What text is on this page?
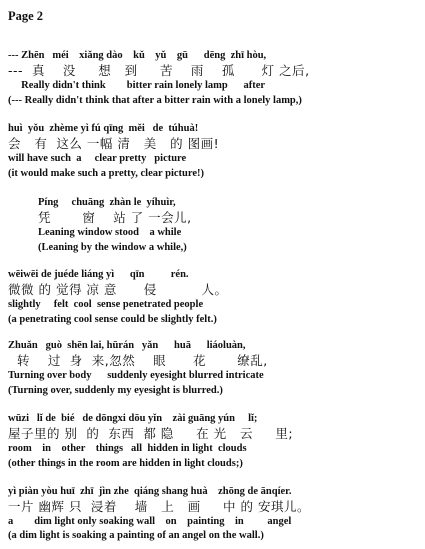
Page 2
--- Zhēn   méi    xiǎng dào    kǔ    yǔ    gū      dēng  zhī hòu,
---  真    没     想   到     苦    雨    孤      灯 之后,
Really didn't think        bitter rain lonely lamp      after
(--- Really didn't think that after a bitter rain with a lonely lamp,)
huì  yǒu  zhème yì fú qīng  měi   de  túhuà!
会   有  这么 一幅 清   美   的 图画!
will have such  a     clear pretty   picture
(it would make such a pretty, clear picture!)
Píng     chuāng  zhàn le  yíhuìr,
凭       窗    站 了 一会儿,
Leaning window stood    a while
(Leaning by the window a while,)
wēiwēi de juéde liáng yì      qīn          rén.
微微 的 觉得 凉 意      侵          人。
slightly     felt  cool  sense penetrated people
(a penetrating cool sense could be slightly felt.)
Zhuǎn   guò  shēn lai, hūrán   yǎn      huā      liáoluàn,
转    过  身  来,忽然    眼      花       缭乱,
Turning over body      suddenly eyesight blurred intricate
(Turning over, suddenly my eyesight is blurred.)
wūzi   lǐ de  bié   de dōngxi dōu yǐn    zài guāng yún     lǐ;
屋子里的 别  的  东西  都 隐     在 光   云     里;
room    in    other    things   all  hidden in light  clouds
(other things in the room are hidden in light clouds;)
yì piàn yòu huī  zhī  jìn zhe  qiáng shang huà    zhōng de ānqíer.
一片 幽辉 只  浸着    墙   上   画     中 的 安琪儿。
a        dim light only soaking wall    on    painting    in         angel
(a dim light is soaking a painting of an angel on the wall.)
